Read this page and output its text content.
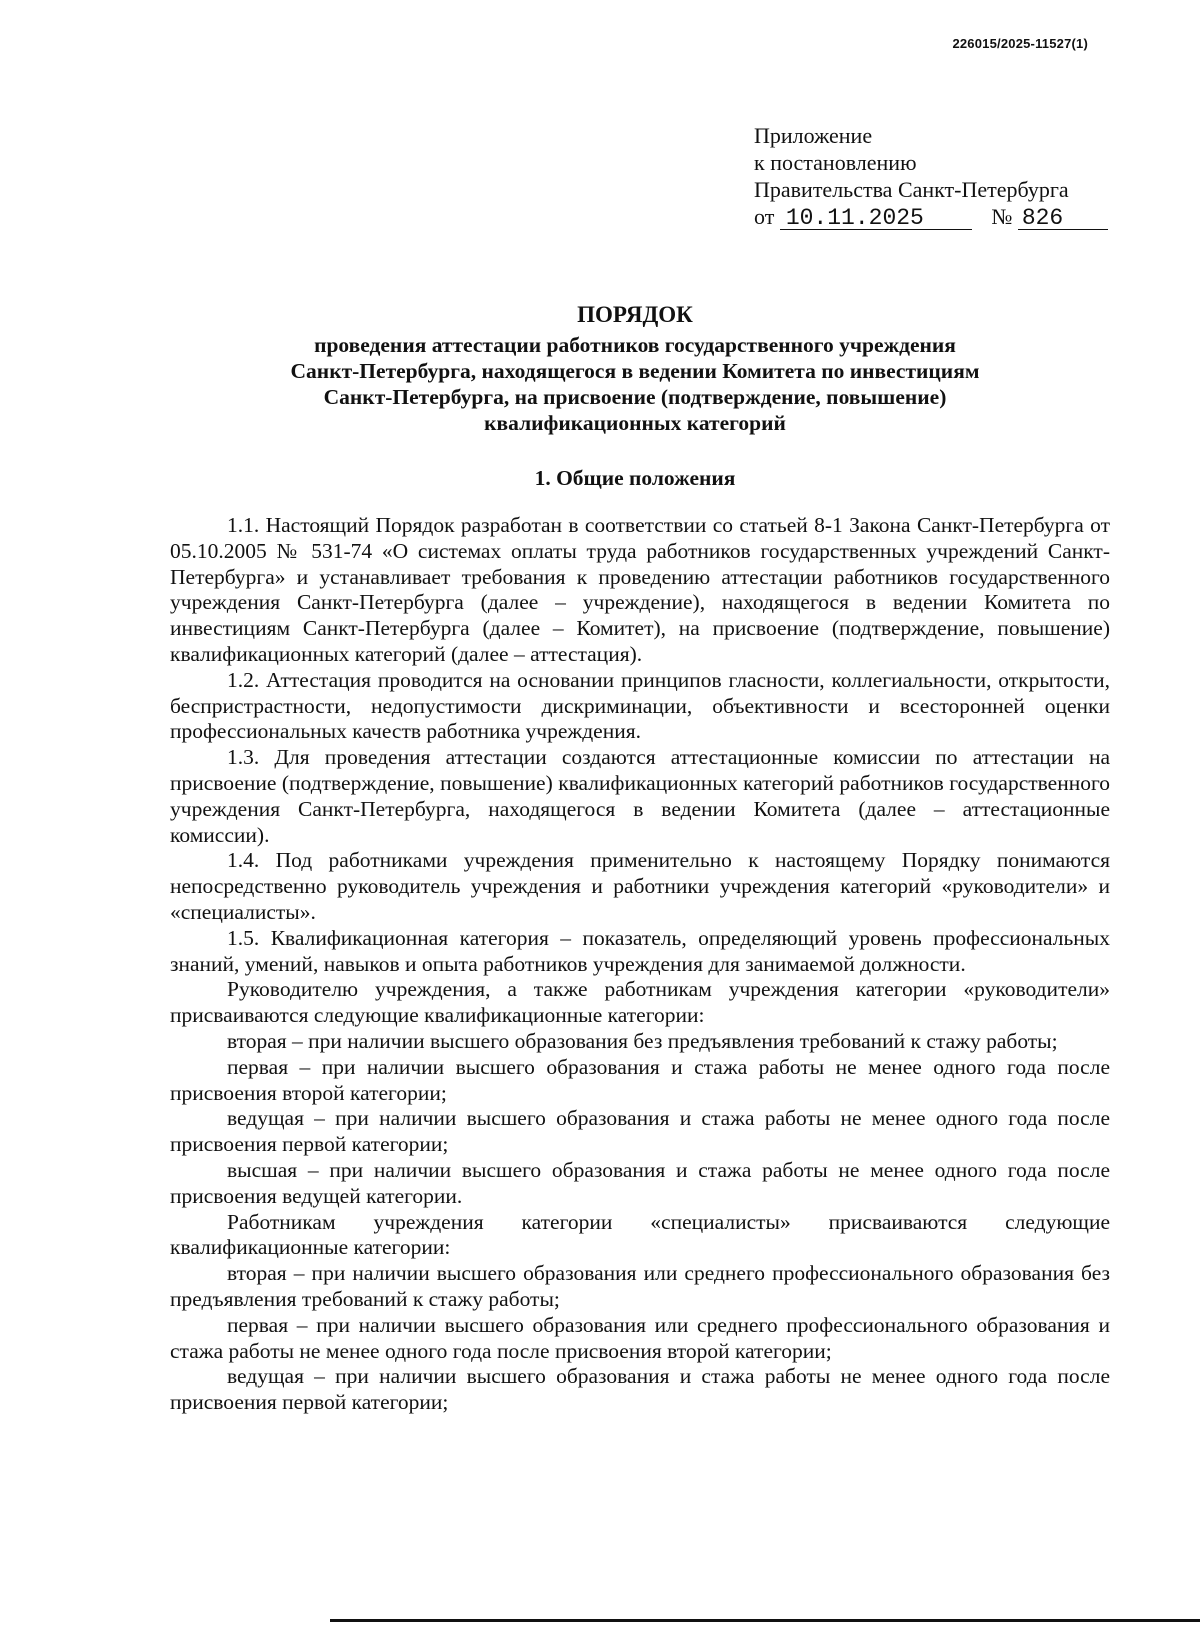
226015/2025-11527(1)
Приложение
к постановлению
Правительства Санкт-Петербурга
от 10.11.2025	№ 826
ПОРЯДОК
проведения аттестации работников государственного учреждения
Санкт-Петербурга, находящегося в ведении Комитета по инвестициям
Санкт-Петербурга, на присвоение (подтверждение, повышение)
квалификационных категорий
1. Общие положения

1.1. Настоящий Порядок разработан в соответствии со статьей 8-1 Закона Санкт-Петербурга от 05.10.2005 № 531-74 «О системах оплаты труда работников государственных учреждений Санкт-Петербурга» и устанавливает требования к проведению аттестации работников государственного учреждения Санкт-Петербурга (далее – учреждение), находящегося в ведении Комитета по инвестициям Санкт-Петербурга (далее – Комитет), на присвоение (подтверждение, повышение) квалификационных категорий (далее – аттестация).

1.2. Аттестация проводится на основании принципов гласности, коллегиальности, открытости, беспристрастности, недопустимости дискриминации, объективности и всесторонней оценки профессиональных качеств работника учреждения.

1.3. Для проведения аттестации создаются аттестационные комиссии по аттестации на присвоение (подтверждение, повышение) квалификационных категорий работников государственного учреждения Санкт-Петербурга, находящегося в ведении Комитета (далее – аттестационные комиссии).

1.4. Под работниками учреждения применительно к настоящему Порядку понимаются непосредственно руководитель учреждения и работники учреждения категорий «руководители» и «специалисты».

1.5. Квалификационная категория – показатель, определяющий уровень профессиональных знаний, умений, навыков и опыта работников учреждения для занимаемой должности.

Руководителю учреждения, а также работникам учреждения категории «руководители» присваиваются следующие квалификационные категории:

вторая – при наличии высшего образования без предъявления требований к стажу работы;

первая – при наличии высшего образования и стажа работы не менее одного года после присвоения второй категории;

ведущая – при наличии высшего образования и стажа работы не менее одного года после присвоения первой категории;

высшая – при наличии высшего образования и стажа работы не менее одного года после присвоения ведущей категории.

Работникам учреждения категории «специалисты» присваиваются следующие квалификационные категории:

вторая – при наличии высшего образования или среднего профессионального образования без предъявления требований к стажу работы;

первая – при наличии высшего образования или среднего профессионального образования и стажа работы не менее одного года после присвоения второй категории;

ведущая – при наличии высшего образования и стажа работы не менее одного года после присвоения первой категории;
